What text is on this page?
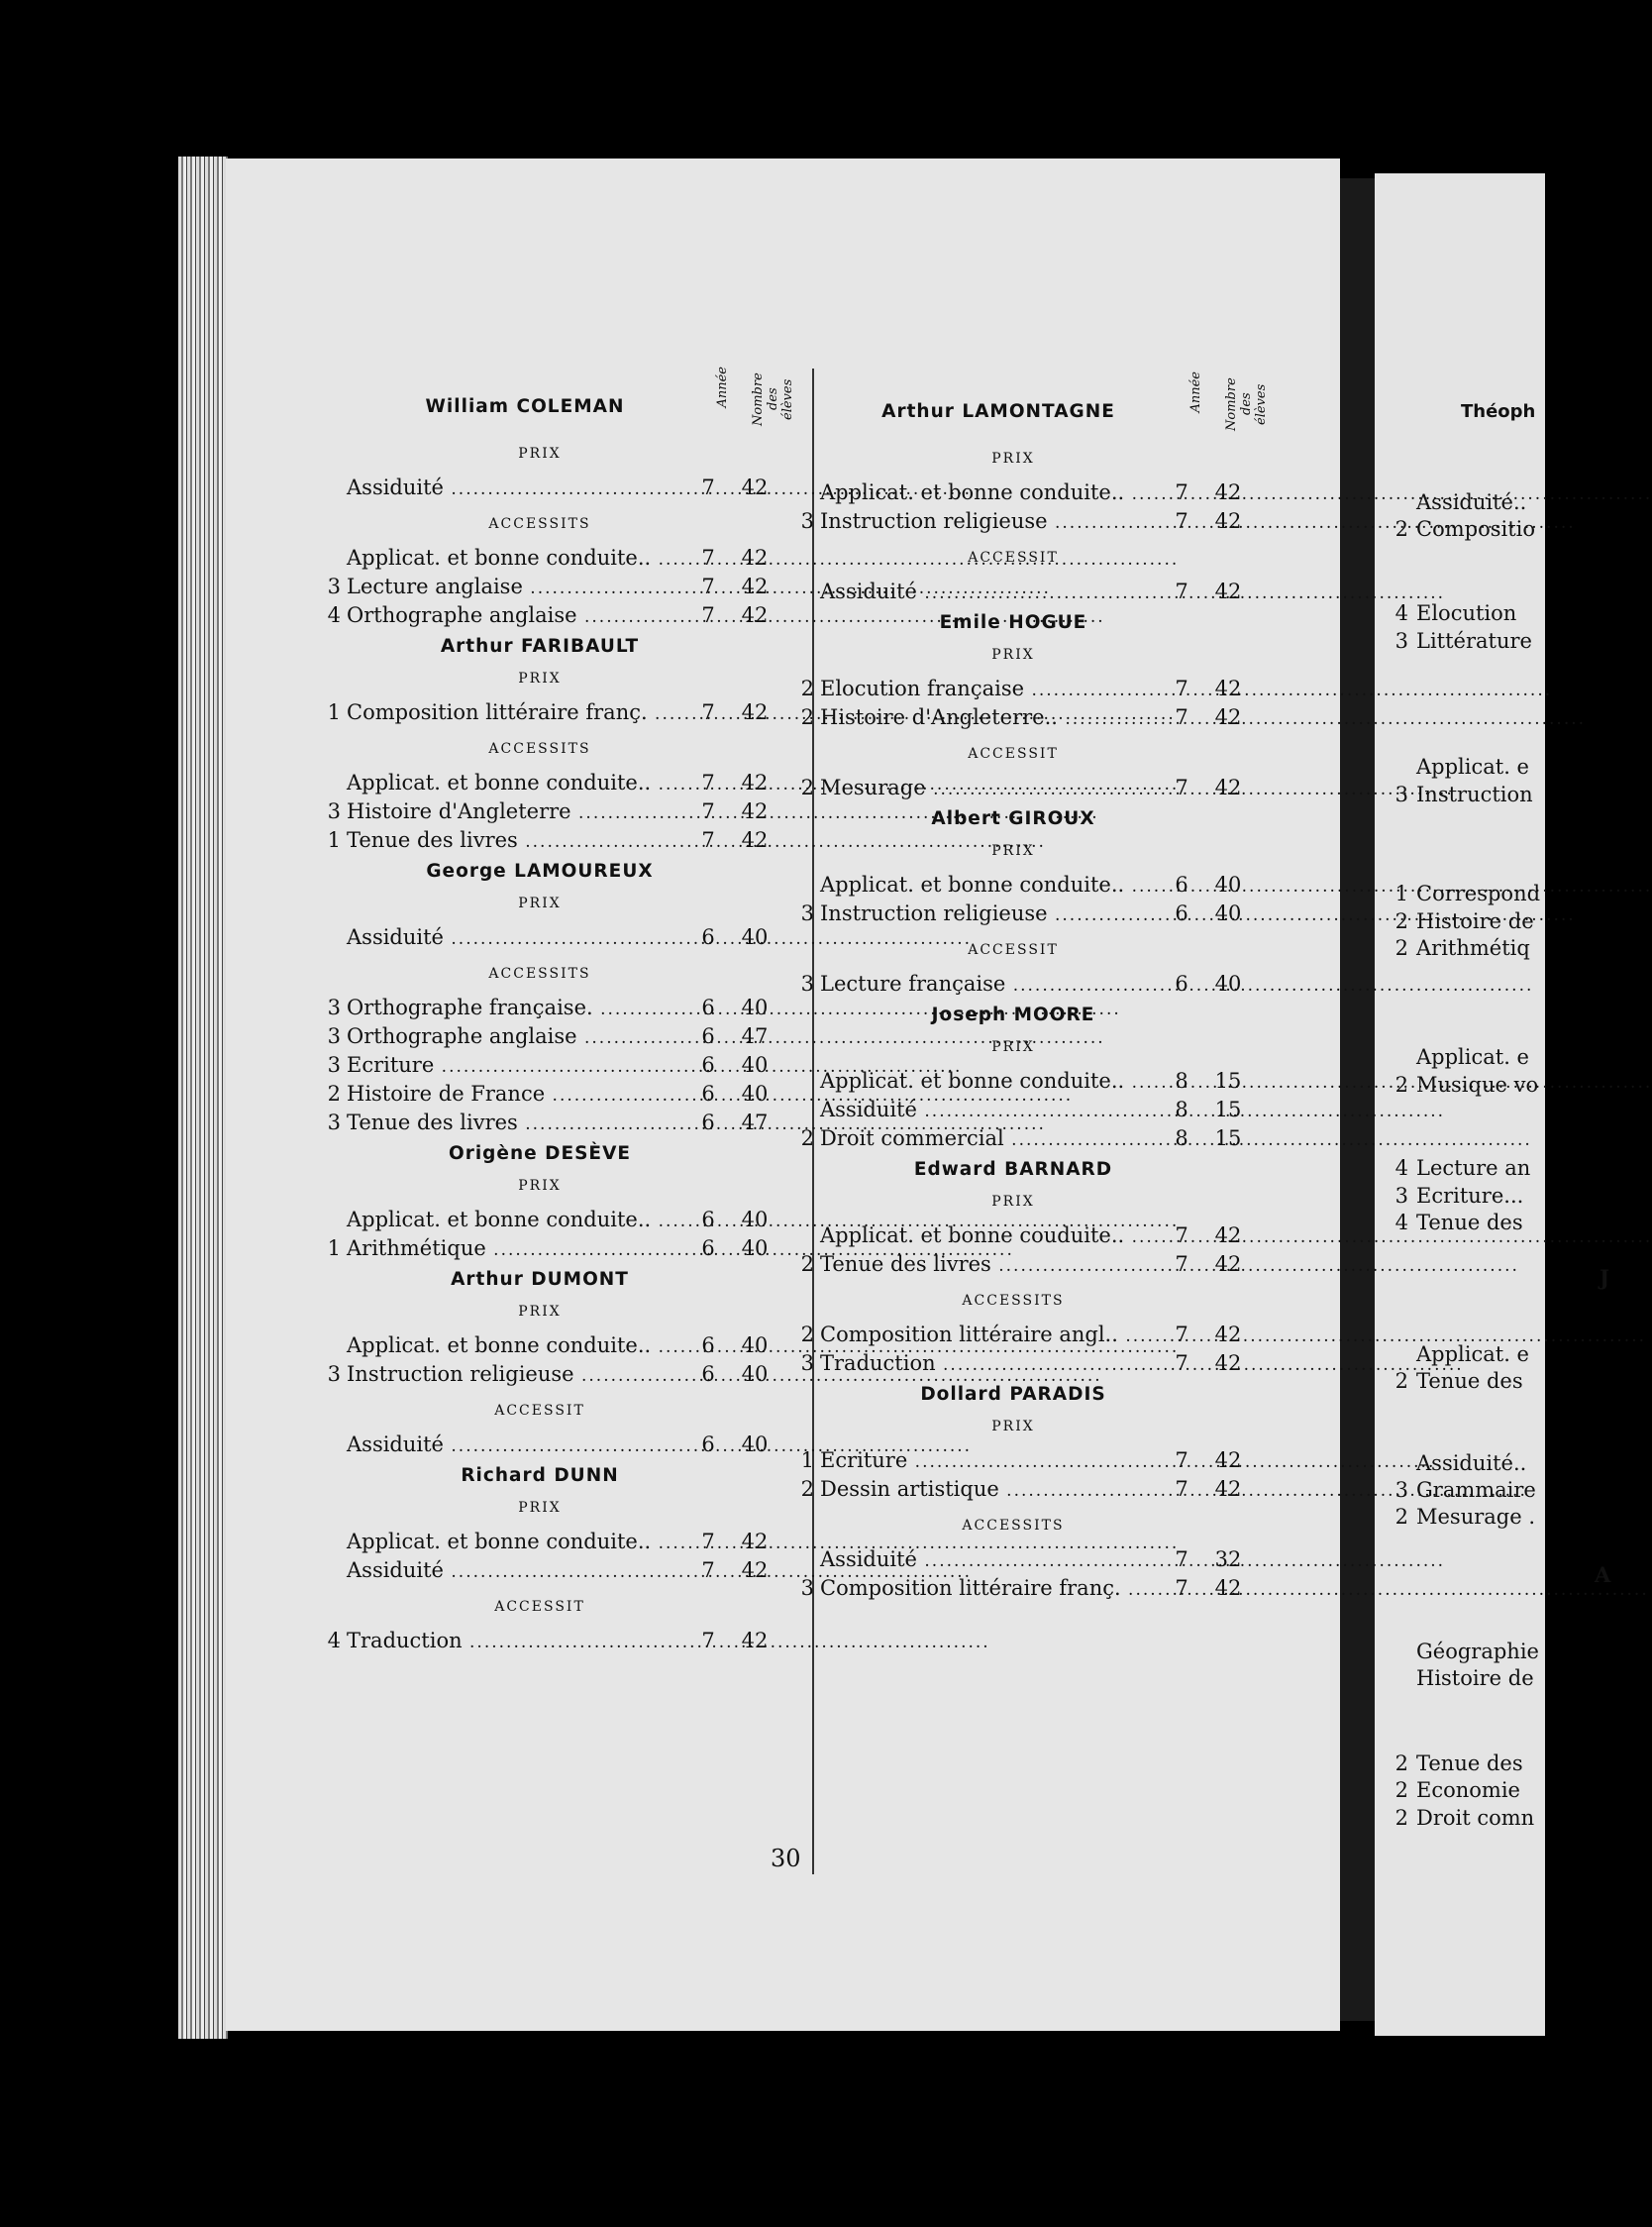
Théoph
Assiduité..
2 Compositio
4 Elocution
3 Littérature
Applicat. e
3 Instruction
1 Correspond
2 Histoire de
2 Arithmétiq
Applicat. e
2 Musique vo
4 Lecture an
3 Ecriture...
4 Tenue des
J
Applicat. e
2 Tenue des
Assiduité..
3 Grammaire
2 Mesurage .
A
Géographie
Histoire de
2 Tenue des
2 Economie
2 Droit comn
William COLEMAN	Année Nombre des élèves
PRIX
Assiduité .....	7	42
ACCESSITS
Applicat. et bonne conduite.. .....	7	42
3 Lecture anglaise .....	7	42
4 Orthographe anglaise .....	7	42
Arthur FARIBAULT
PRIX
1 Composition littéraire franç. .....	7	42
ACCESSITS
Applicat. et bonne conduite.. .....	7	42
3 Histoire d'Angleterre .....	7	42
1 Tenue des livres .....	7	42
George LAMOUREUX
PRIX
Assiduité .....	6	40
ACCESSITS
3 Orthographe française. .....	6	40
3 Orthographe anglaise .....	6	47
3 Ecriture .....	6	40
2 Histoire de France .....	6	40
3 Tenue des livres .....	6	47
Origène DESÈVE
PRIX
Applicat. et bonne conduite.. .....	6	40
1 Arithmétique .....	6	40
Arthur DUMONT
PRIX
Applicat. et bonne conduite.. .....	6	40
3 Instruction religieuse .....	6	40
ACCESSIT
Assiduité .....	6	40
Richard DUNN
PRIX
Applicat. et bonne conduite.. .....	7	42
Assiduité .....	7	42
ACCESSIT
4 Traduction .....	7	42
Arthur LAMONTAGNE	Année Nombre des élèves
PRIX
Applicat. et bonne conduite.. .....	7	42
3 Instruction religieuse .....	7	42
ACCESSIT
Assiduité .....	7	42
Emile HOGUE
PRIX
2 Elocution française .....	7	42
2 Histoire d'Angleterre.. .....	7	42
ACCESSIT
2 Mesurage .....	7	42
Albert GIROUX
PRIX
Applicat. et bonne conduite.. .....	6	40
3 Instruction religieuse .....	6	40
ACCESSIT
3 Lecture française .....	6	40
Joseph MOORE
PRIX
Applicat. et bonne conduite.. .....	8	15
Assiduité .....	8	15
2 Droit commercial .....	8	15
Edward BARNARD
PRIX
Applicat. et bonne couduite.. .....	7	42
2 Tenue des livres .....	7	42
ACCESSITS
2 Composition littéraire angl.. .....	7	42
3 Traduction .....	7	42
Dollard PARADIS
PRIX
1 Ecriture .....	7	42
2 Dessin artistique .....	7	42
ACCESSITS
Assiduité .....	7	32
3 Composition littéraire franç. .....	7	42
30
